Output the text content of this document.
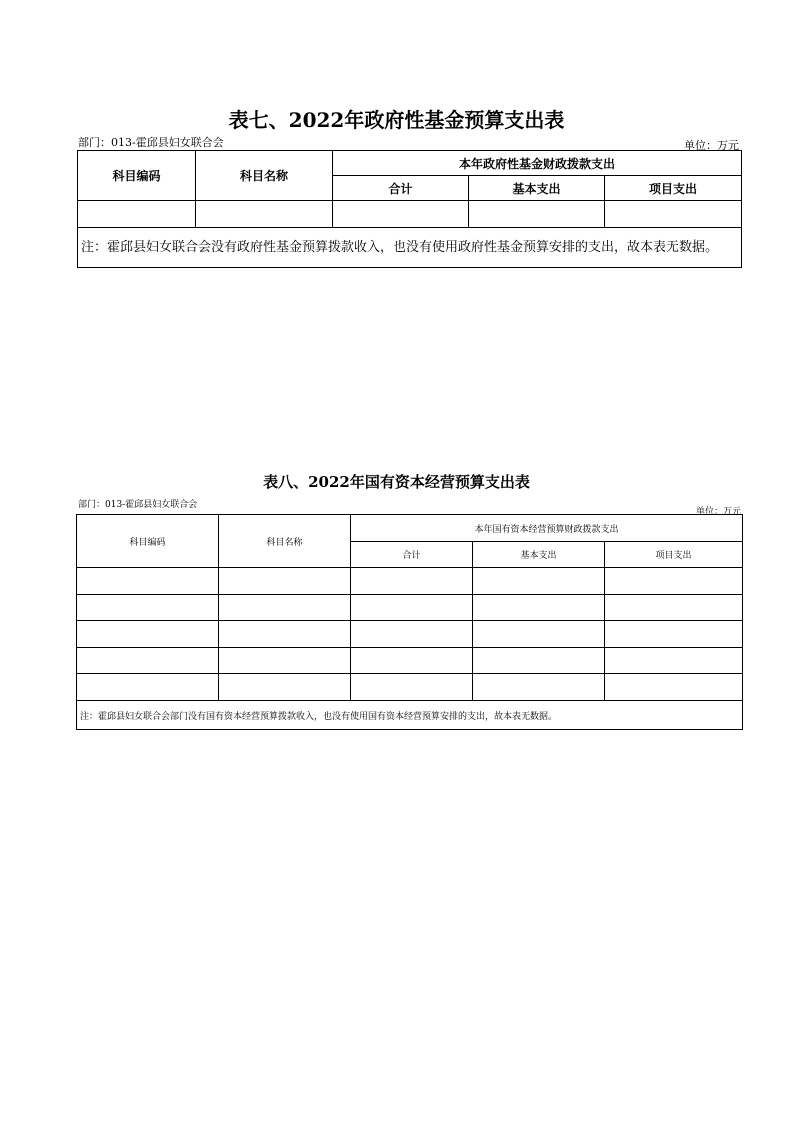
表七、2022年政府性基金预算支出表
部门：013-霍邱县妇女联合会	单位：万元
科目编码	科目名称	本年政府性基金财政拨款支出		
		合计	基本支出	项目支出

注：霍邱县妇女联合会没有政府性基金预算拨款收入，也没有使用政府性基金预算安排的支出，故本表无数据。				
表八、2022年国有资本经营预算支出表
部门：013-霍邱县妇女联合会
单位：万元
科目编码	科目名称	本年国有资本经营预算财政拨款支出		
		合计	基本支出	项目支出

注：霍邱县妇女联合会部门没有国有资本经营预算拨款收入，也没有使用国有资本经营预算安排的支出，故本表无数据。				
